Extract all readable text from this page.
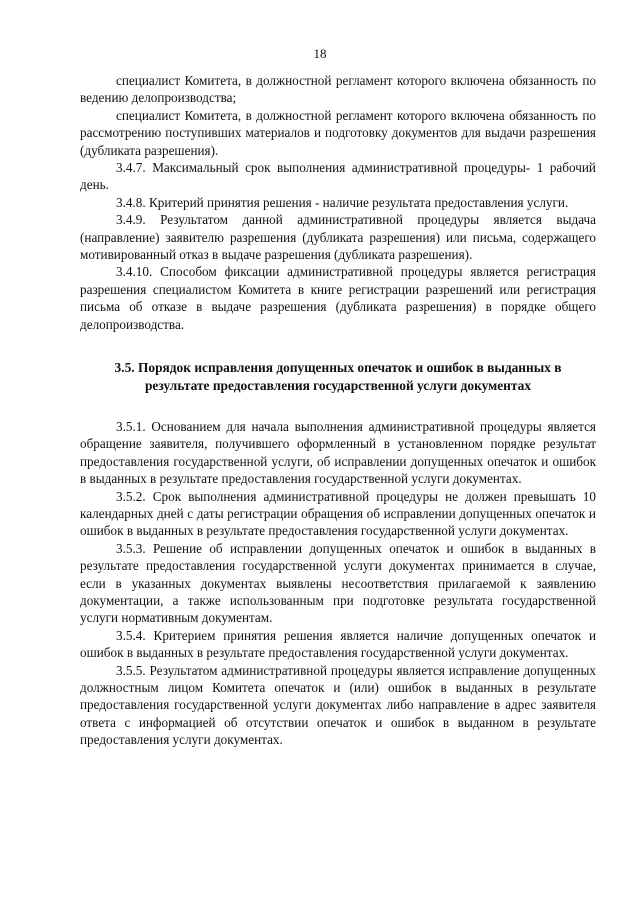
18

специалист Комитета, в должностной регламент которого включена обязанность по ведению делопроизводства;

специалист Комитета, в должностной регламент которого включена обязанность по рассмотрению поступивших материалов и подготовку документов для выдачи разрешения (дубликата разрешения).

3.4.7. Максимальный срок выполнения административной процедуры- 1 рабочий день.

3.4.8. Критерий принятия решения - наличие результата предоставления услуги.

3.4.9. Результатом данной административной процедуры является выдача (направление) заявителю разрешения (дубликата разрешения) или письма, содержащего мотивированный отказ в выдаче разрешения (дубликата разрешения).

3.4.10. Способом фиксации административной процедуры является регистрация разрешения специалистом Комитета в книге регистрации разрешений или регистрация письма об отказе в выдаче разрешения (дубликата разрешения) в порядке общего делопроизводства.

3.5. Порядок исправления допущенных опечаток и ошибок в выданных в результате предоставления государственной услуги документах

3.5.1. Основанием для начала выполнения административной процедуры является обращение заявителя, получившего оформленный в установленном порядке результат предоставления государственной услуги, об исправлении допущенных опечаток и ошибок в выданных в результате предоставления государственной услуги документах.

3.5.2. Срок выполнения административной процедуры не должен превышать 10 календарных дней с даты регистрации обращения об исправлении допущенных опечаток и ошибок в выданных в результате предоставления государственной услуги документах.

3.5.3. Решение об исправлении допущенных опечаток и ошибок в выданных в результате предоставления государственной услуги документах принимается в случае, если в указанных документах выявлены несоответствия прилагаемой к заявлению документации, а также использованным при подготовке результата государственной услуги нормативным документам.

3.5.4. Критерием принятия решения является наличие допущенных опечаток и ошибок в выданных в результате предоставления государственной услуги документах.

3.5.5. Результатом административной процедуры является исправление допущенных должностным лицом Комитета опечаток и (или) ошибок в выданных в результате предоставления государственной услуги документах либо направление в адрес заявителя ответа с информацией об отсутствии опечаток и ошибок в выданном в результате предоставления услуги документах.
